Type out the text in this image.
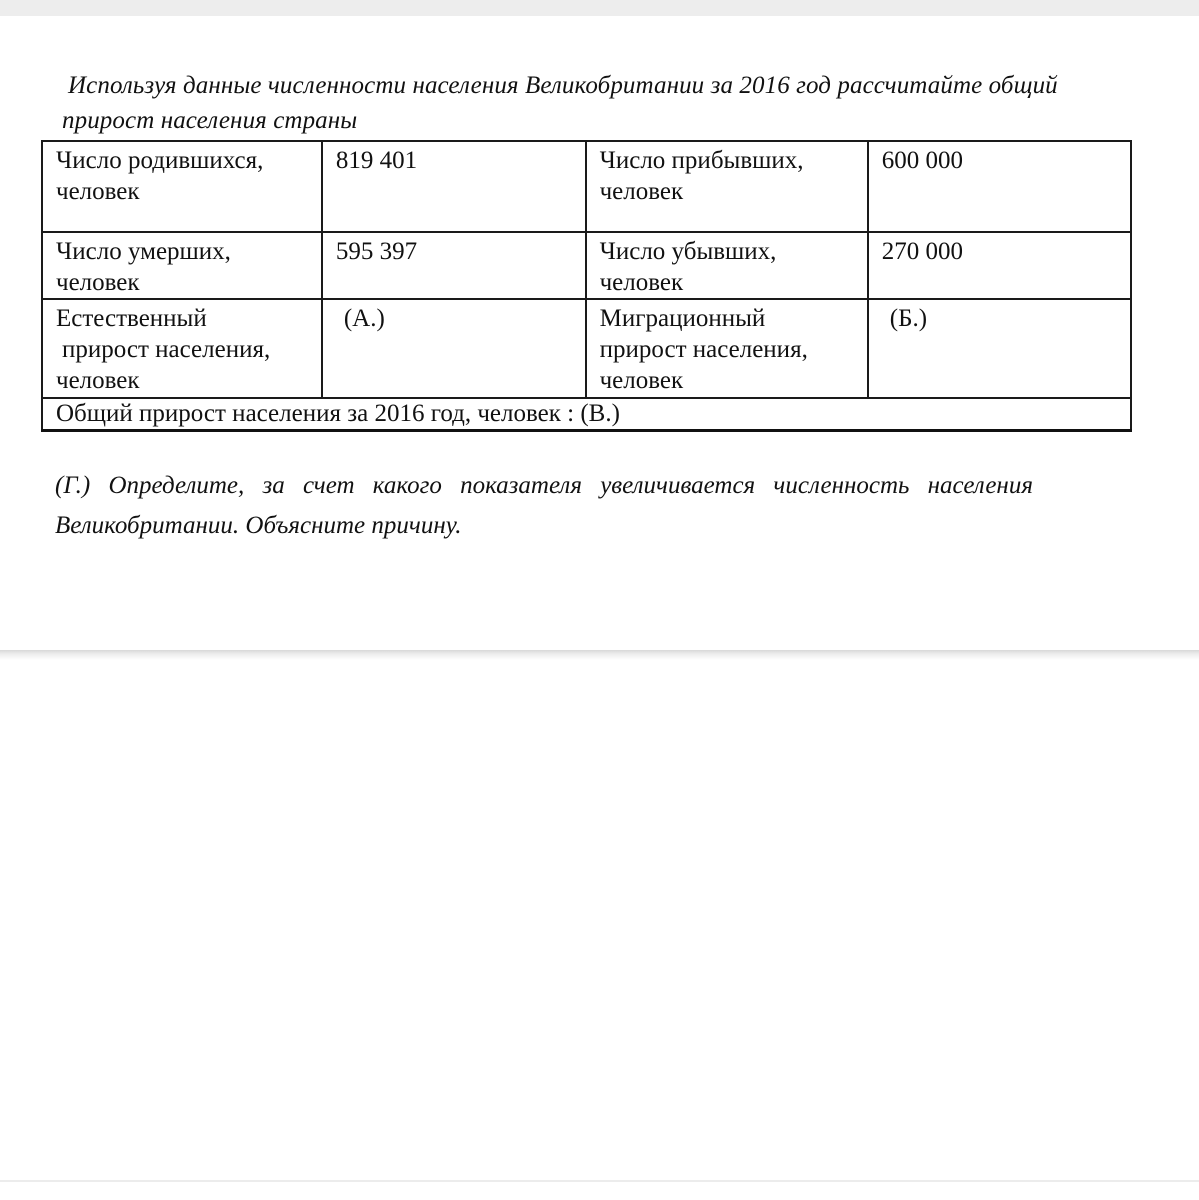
Используя данные численности населения Великобритании за 2016 год рассчитайте общий
прирост населения страны

Число родившихся,
человек	819 401	Число прибывших,
человек	600 000

Число умерших,
человек	595 397	Число убывших,
человек	270 000

Естественный
прирост населения,
человек	(А.)	Миграционный
прирост населения,
человек	(Б.)
Общий прирост населения за 2016 год, человек : (В.)			

(Г.) Определите, за счет какого показателя увеличивается численность населения
Великобритании. Объясните причину.
